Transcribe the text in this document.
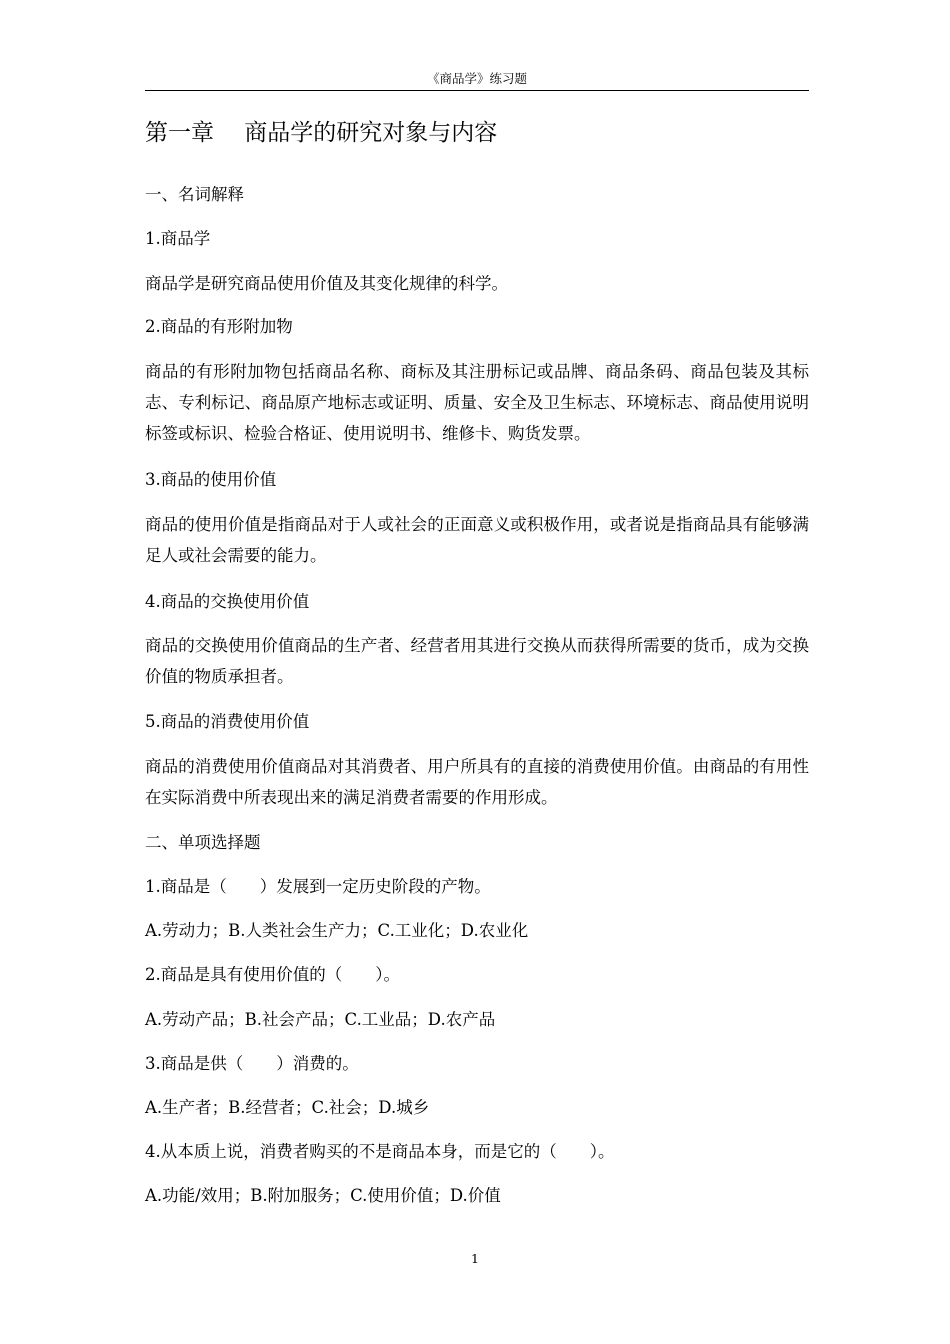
《商品学》练习题
第一章　 商品学的研究对象与内容
一、名词解释
1.商品学
商品学是研究商品使用价值及其变化规律的科学。
2.商品的有形附加物
商品的有形附加物包括商品名称、商标及其注册标记或品牌、商品条码、商品包装及其标志、专利标记、商品原产地标志或证明、质量、安全及卫生标志、环境标志、商品使用说明标签或标识、检验合格证、使用说明书、维修卡、购货发票。
3.商品的使用价值
商品的使用价值是指商品对于人或社会的正面意义或积极作用，或者说是指商品具有能够满足人或社会需要的能力。
4.商品的交换使用价值
商品的交换使用价值商品的生产者、经营者用其进行交换从而获得所需要的货币，成为交换价值的物质承担者。
5.商品的消费使用价值
商品的消费使用价值商品对其消费者、用户所具有的直接的消费使用价值。由商品的有用性在实际消费中所表现出来的满足消费者需要的作用形成。
二、单项选择题
1.商品是（　　）发展到一定历史阶段的产物。
A.劳动力；B.人类社会生产力；C.工业化；D.农业化
2.商品是具有使用价值的（　　）。
A.劳动产品；B.社会产品；C.工业品；D.农产品
3.商品是供（　　）消费的。
A.生产者；B.经营者；C.社会；D.城乡
4.从本质上说，消费者购买的不是商品本身，而是它的（　　）。
A.功能/效用；B.附加服务；C.使用价值；D.价值
1
